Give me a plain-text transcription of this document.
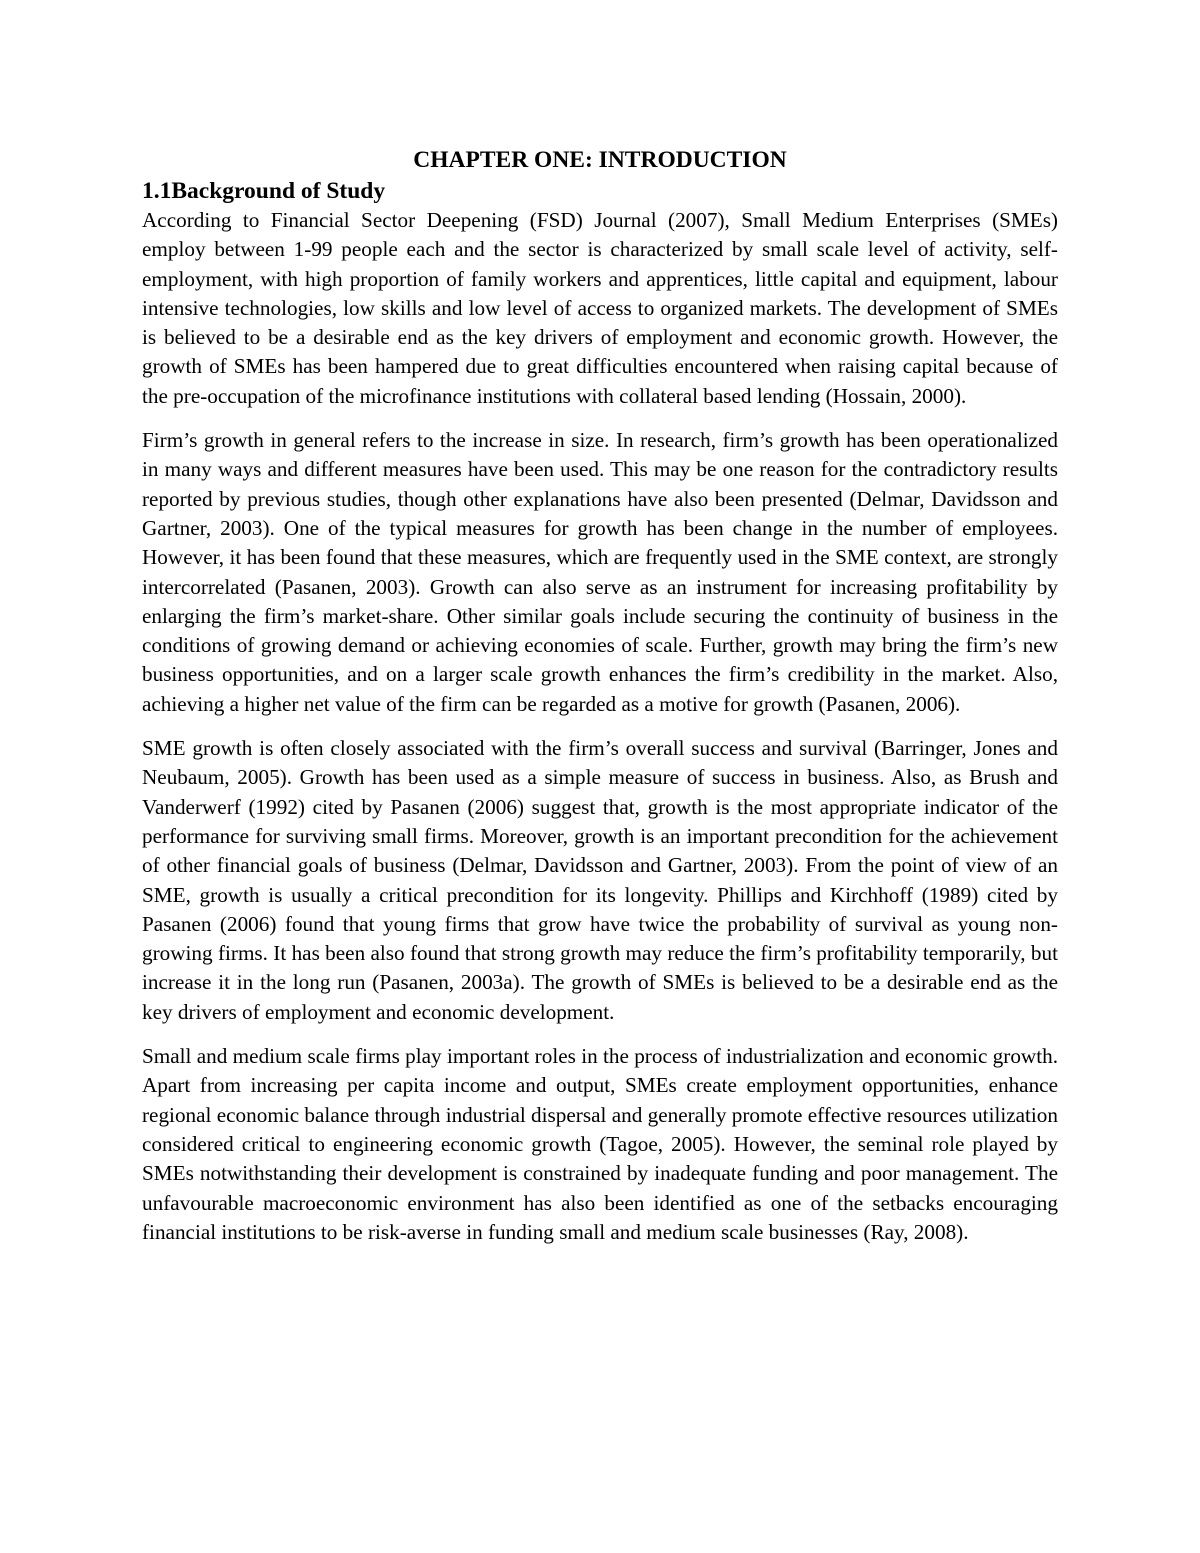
CHAPTER ONE: INTRODUCTION
1.1Background of Study

According to Financial Sector Deepening (FSD) Journal (2007), Small Medium Enterprises (SMEs) employ between 1-99 people each and the sector is characterized by small scale level of activity, self-employment, with high proportion of family workers and apprentices, little capital and equipment, labour intensive technologies, low skills and low level of access to organized markets. The development of SMEs is believed to be a desirable end as the key drivers of employment and economic growth. However, the growth of SMEs has been hampered due to great difficulties encountered when raising capital because of the pre-occupation of the microfinance institutions with collateral based lending (Hossain, 2000).

Firm’s growth in general refers to the increase in size. In research, firm’s growth has been operationalized in many ways and different measures have been used. This may be one reason for the contradictory results reported by previous studies, though other explanations have also been presented (Delmar, Davidsson and Gartner, 2003). One of the typical measures for growth has been change in the number of employees. However, it has been found that these measures, which are frequently used in the SME context, are strongly intercorrelated (Pasanen, 2003). Growth can also serve as an instrument for increasing profitability by enlarging the firm’s market-share. Other similar goals include securing the continuity of business in the conditions of growing demand or achieving economies of scale. Further, growth may bring the firm’s new business opportunities, and on a larger scale growth enhances the firm’s credibility in the market. Also, achieving a higher net value of the firm can be regarded as a motive for growth (Pasanen, 2006).

SME growth is often closely associated with the firm’s overall success and survival (Barringer, Jones and Neubaum, 2005). Growth has been used as a simple measure of success in business. Also, as Brush and Vanderwerf (1992) cited by Pasanen (2006) suggest that, growth is the most appropriate indicator of the performance for surviving small firms. Moreover, growth is an important precondition for the achievement of other financial goals of business (Delmar, Davidsson and Gartner, 2003). From the point of view of an SME, growth is usually a critical precondition for its longevity. Phillips and Kirchhoff (1989) cited by Pasanen (2006) found that young firms that grow have twice the probability of survival as young non-growing firms. It has been also found that strong growth may reduce the firm’s profitability temporarily, but increase it in the long run (Pasanen, 2003a). The growth of SMEs is believed to be a desirable end as the key drivers of employment and economic development.

Small and medium scale firms play important roles in the process of industrialization and economic growth. Apart from increasing per capita income and output, SMEs create employment opportunities, enhance regional economic balance through industrial dispersal and generally promote effective resources utilization considered critical to engineering economic growth (Tagoe, 2005). However, the seminal role played by SMEs notwithstanding their development is constrained by inadequate funding and poor management. The unfavourable macroeconomic environment has also been identified as one of the setbacks encouraging financial institutions to be risk-averse in funding small and medium scale businesses (Ray, 2008).
